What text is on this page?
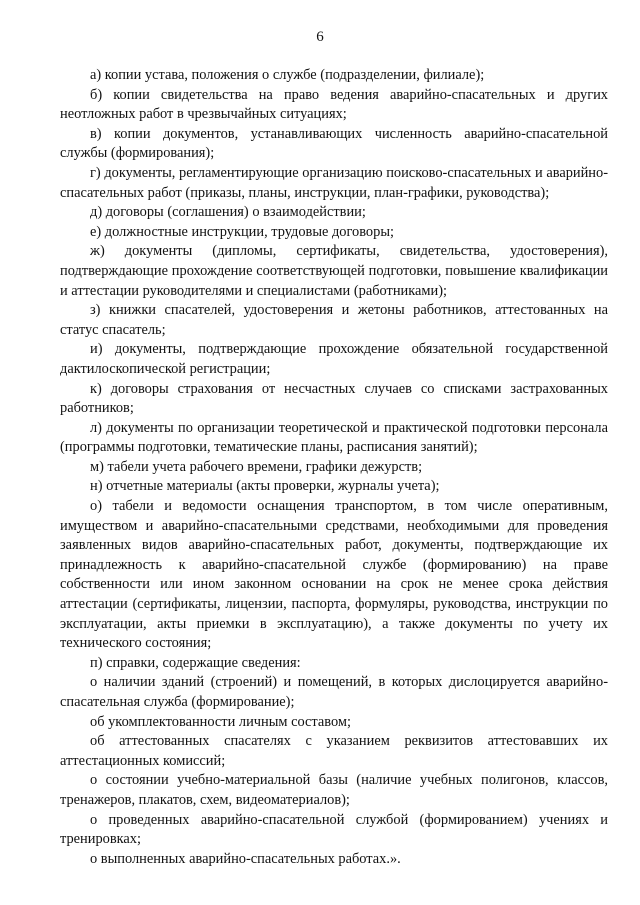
6

а) копии устава, положения о службе (подразделении, филиале);

б) копии свидетельства на право ведения аварийно-спасательных и других неотложных работ в чрезвычайных ситуациях;

в) копии документов, устанавливающих численность аварийно-спасательной службы (формирования);

г) документы, регламентирующие организацию поисково-спасательных и аварийно-спасательных работ (приказы, планы, инструкции, план-графики, руководства);

д) договоры (соглашения) о взаимодействии;

е) должностные инструкции, трудовые договоры;

ж) документы (дипломы, сертификаты, свидетельства, удостоверения), подтверждающие прохождение соответствующей подготовки, повышение квалификации и аттестации руководителями и специалистами (работниками);

з) книжки спасателей, удостоверения и жетоны работников, аттестованных на статус спасатель;

и) документы, подтверждающие прохождение обязательной государственной дактилоскопической регистрации;

к) договоры страхования от несчастных случаев со списками застрахованных работников;

л) документы по организации теоретической и практической подготовки персонала (программы подготовки, тематические планы, расписания занятий);

м) табели учета рабочего времени, графики дежурств;

н) отчетные материалы (акты проверки, журналы учета);

о) табели и ведомости оснащения транспортом, в том числе оперативным, имуществом и аварийно-спасательными средствами, необходимыми для проведения заявленных видов аварийно-спасательных работ, документы, подтверждающие их принадлежность к аварийно-спасательной службе (формированию) на праве собственности или ином законном основании на срок не менее срока действия аттестации (сертификаты, лицензии, паспорта, формуляры, руководства, инструкции по эксплуатации, акты приемки в эксплуатацию), а также документы по учету их технического состояния;

п) справки, содержащие сведения:

о наличии зданий (строений) и помещений, в которых дислоцируется аварийно-спасательная служба (формирование);

об укомплектованности личным составом;

об аттестованных спасателях с указанием реквизитов аттестовавших их аттестационных комиссий;

о состоянии учебно-материальной базы (наличие учебных полигонов, классов, тренажеров, плакатов, схем, видеоматериалов);

о проведенных аварийно-спасательной службой (формированием) учениях и тренировках;

о выполненных аварийно-спасательных работах.».
